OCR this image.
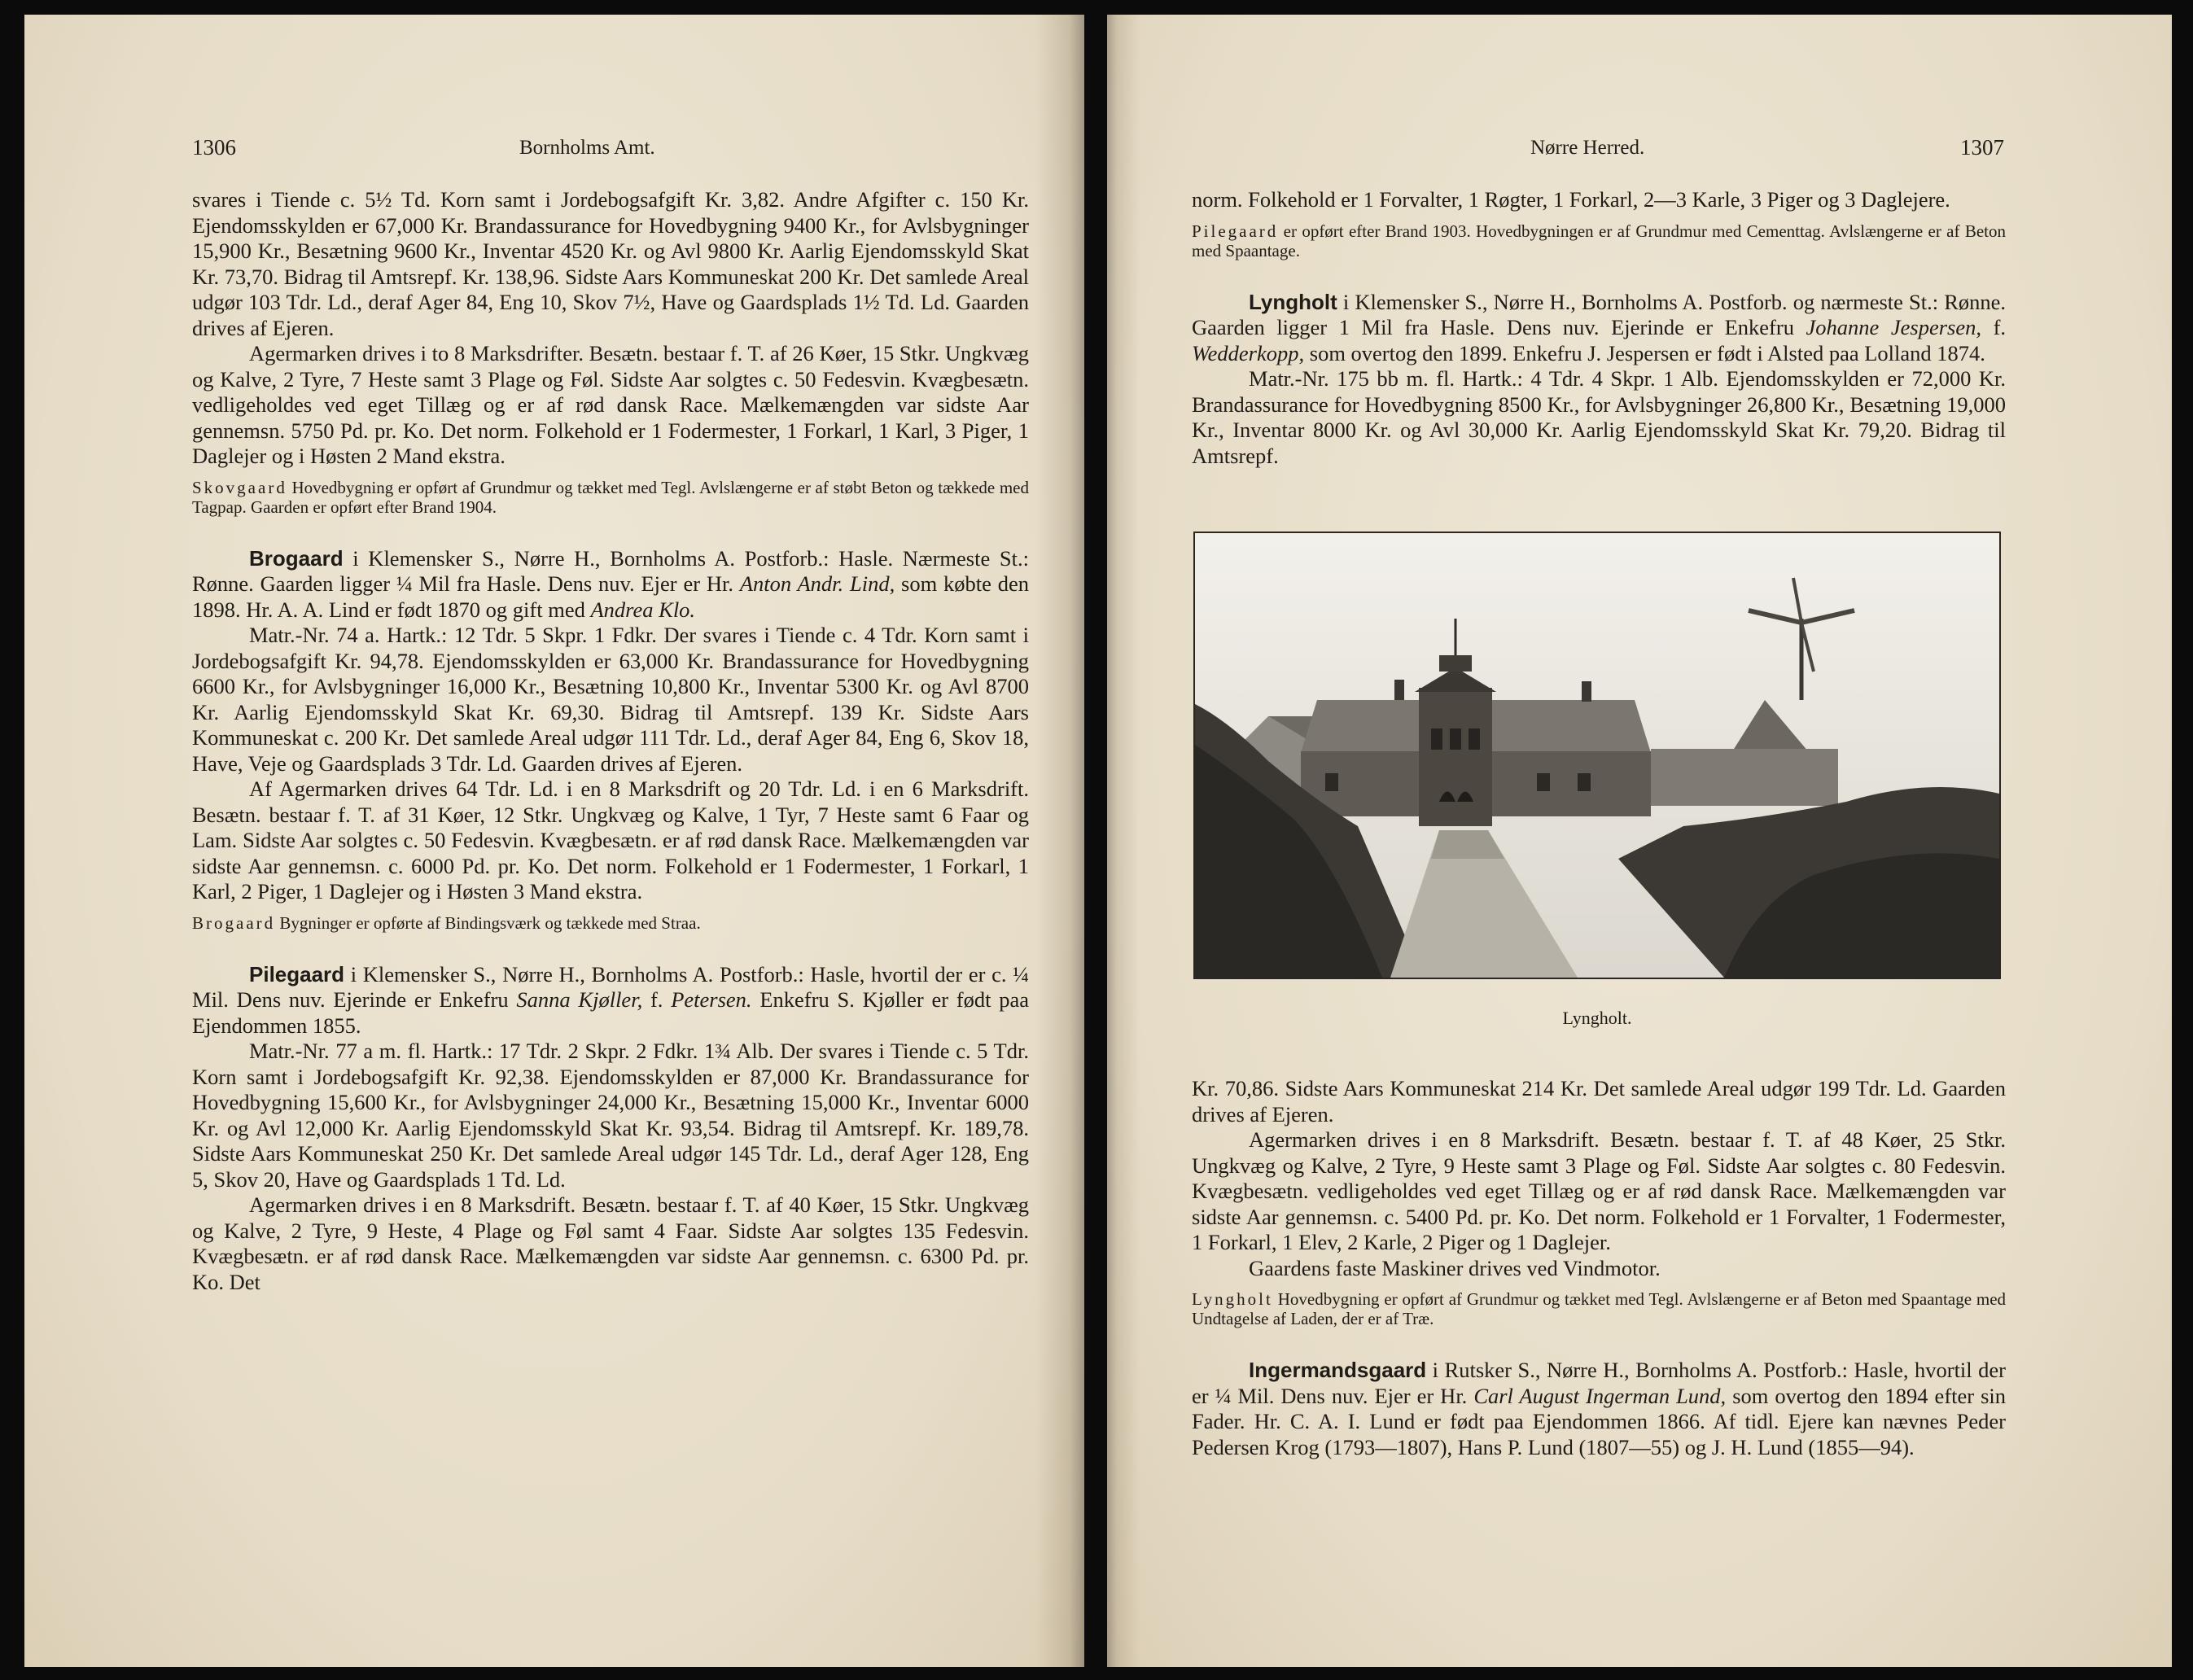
1306	Bornholms Amt.

svares i Tiende c. 5½ Td. Korn samt i Jordebogsafgift Kr. 3,82. Andre Afgifter c. 150 Kr. Ejendomsskylden er 67,000 Kr. Brandassurance for Hovedbygning 9400 Kr., for Avlsbygninger 15,900 Kr., Besætning 9600 Kr., Inventar 4520 Kr. og Avl 9800 Kr. Aarlig Ejendomsskyld Skat Kr. 73,70. Bidrag til Amtsrepf. Kr. 138,96. Sidste Aars Kommuneskat 200 Kr. Det samlede Areal udgør 103 Tdr. Ld., deraf Ager 84, Eng 10, Skov 7½, Have og Gaardsplads 1½ Td. Ld. Gaarden drives af Ejeren.

Agermarken drives i to 8 Marksdrifter. Besætn. bestaar f. T. af 26 Køer, 15 Stkr. Ungkvæg og Kalve, 2 Tyre, 7 Heste samt 3 Plage og Føl. Sidste Aar solgtes c. 50 Fedesvin. Kvægbesætn. vedligeholdes ved eget Tillæg og er af rød dansk Race. Mælkemængden var sidste Aar gennemsn. 5750 Pd. pr. Ko. Det norm. Folkehold er 1 Fodermester, 1 Forkarl, 1 Karl, 3 Piger, 1 Daglejer og i Høsten 2 Mand ekstra.

Skovgaard Hovedbygning er opført af Grundmur og tækket med Tegl. Avlslængerne er af støbt Beton og tækkede med Tagpap. Gaarden er opført efter Brand 1904.

Brogaard i Klemensker S., Nørre H., Bornholms A. Postforb.: Hasle. Nærmeste St.: Rønne. Gaarden ligger ¼ Mil fra Hasle. Dens nuv. Ejer er Hr. Anton Andr. Lind, som købte den 1898. Hr. A. A. Lind er født 1870 og gift med Andrea Klo.

Matr.-Nr. 74 a. Hartk.: 12 Tdr. 5 Skpr. 1 Fdkr. Der svares i Tiende c. 4 Tdr. Korn samt i Jordebogsafgift Kr. 94,78. Ejendomsskylden er 63,000 Kr. Brandassurance for Hovedbygning 6600 Kr., for Avlsbygninger 16,000 Kr., Besætning 10,800 Kr., Inventar 5300 Kr. og Avl 8700 Kr. Aarlig Ejendomsskyld Skat Kr. 69,30. Bidrag til Amtsrepf. 139 Kr. Sidste Aars Kommuneskat c. 200 Kr. Det samlede Areal udgør 111 Tdr. Ld., deraf Ager 84, Eng 6, Skov 18, Have, Veje og Gaardsplads 3 Tdr. Ld. Gaarden drives af Ejeren.

Af Agermarken drives 64 Tdr. Ld. i en 8 Marksdrift og 20 Tdr. Ld. i en 6 Marksdrift. Besætn. bestaar f. T. af 31 Køer, 12 Stkr. Ungkvæg og Kalve, 1 Tyr, 7 Heste samt 6 Faar og Lam. Sidste Aar solgtes c. 50 Fedesvin. Kvægbesætn. er af rød dansk Race. Mælkemængden var sidste Aar gennemsn. c. 6000 Pd. pr. Ko. Det norm. Folkehold er 1 Fodermester, 1 Forkarl, 1 Karl, 2 Piger, 1 Daglejer og i Høsten 3 Mand ekstra.

Brogaard Bygninger er opførte af Bindingsværk og tækkede med Straa.

Pilegaard i Klemensker S., Nørre H., Bornholms A. Postforb.: Hasle, hvortil der er c. ¼ Mil. Dens nuv. Ejerinde er Enkefru Sanna Kjøller, f. Petersen. Enkefru S. Kjøller er født paa Ejendommen 1855.

Matr.-Nr. 77 a m. fl. Hartk.: 17 Tdr. 2 Skpr. 2 Fdkr. 1¾ Alb. Der svares i Tiende c. 5 Tdr. Korn samt i Jordebogsafgift Kr. 92,38. Ejendomsskylden er 87,000 Kr. Brandassurance for Hovedbygning 15,600 Kr., for Avlsbygninger 24,000 Kr., Besætning 15,000 Kr., Inventar 6000 Kr. og Avl 12,000 Kr. Aarlig Ejendomsskyld Skat Kr. 93,54. Bidrag til Amtsrepf. Kr. 189,78. Sidste Aars Kommuneskat 250 Kr. Det samlede Areal udgør 145 Tdr. Ld., deraf Ager 128, Eng 5, Skov 20, Have og Gaardsplads 1 Td. Ld.

Agermarken drives i en 8 Marksdrift. Besætn. bestaar f. T. af 40 Køer, 15 Stkr. Ungkvæg og Kalve, 2 Tyre, 9 Heste, 4 Plage og Føl samt 4 Faar. Sidste Aar solgtes 135 Fedesvin. Kvægbesætn. er af rød dansk Race. Mælkemængden var sidste Aar gennemsn. c. 6300 Pd. pr. Ko. Det

Nørre Herred.	1307

norm. Folkehold er 1 Forvalter, 1 Røgter, 1 Forkarl, 2—3 Karle, 3 Piger og 3 Daglejere.

Pilegaard er opført efter Brand 1903. Hovedbygningen er af Grundmur med Cementtag. Avlslængerne er af Beton med Spaantage.

Lyngholt i Klemensker S., Nørre H., Bornholms A. Postforb. og nærmeste St.: Rønne. Gaarden ligger 1 Mil fra Hasle. Dens nuv. Ejerinde er Enkefru Johanne Jespersen, f. Wedderkopp, som overtog den 1899. Enkefru J. Jespersen er født i Alsted paa Lolland 1874.

Matr.-Nr. 175 bb m. fl. Hartk.: 4 Tdr. 4 Skpr. 1 Alb. Ejendomsskylden er 72,000 Kr. Brandassurance for Hovedbygning 8500 Kr., for Avlsbygninger 26,800 Kr., Besætning 19,000 Kr., Inventar 8000 Kr. og Avl 30,000 Kr. Aarlig Ejendomsskyld Skat Kr. 79,20. Bidrag til Amtsrepf.

Lyngholt.

Kr. 70,86. Sidste Aars Kommuneskat 214 Kr. Det samlede Areal udgør 199 Tdr. Ld. Gaarden drives af Ejeren.

Agermarken drives i en 8 Marksdrift. Besætn. bestaar f. T. af 48 Køer, 25 Stkr. Ungkvæg og Kalve, 2 Tyre, 9 Heste samt 3 Plage og Føl. Sidste Aar solgtes c. 80 Fedesvin. Kvægbesætn. vedligeholdes ved eget Tillæg og er af rød dansk Race. Mælkemængden var sidste Aar gennemsn. c. 5400 Pd. pr. Ko. Det norm. Folkehold er 1 Forvalter, 1 Fodermester, 1 Forkarl, 1 Elev, 2 Karle, 2 Piger og 1 Daglejer.

Gaardens faste Maskiner drives ved Vindmotor.

Lyngholt Hovedbygning er opført af Grundmur og tækket med Tegl. Avlslængerne er af Beton med Spaantage med Undtagelse af Laden, der er af Træ.

Ingermandsgaard i Rutsker S., Nørre H., Bornholms A. Postforb.: Hasle, hvortil der er ¼ Mil. Dens nuv. Ejer er Hr. Carl August Ingerman Lund, som overtog den 1894 efter sin Fader. Hr. C. A. I. Lund er født paa Ejendommen 1866. Af tidl. Ejere kan nævnes Peder Pedersen Krog (1793—1807), Hans P. Lund (1807—55) og J. H. Lund (1855—94).
